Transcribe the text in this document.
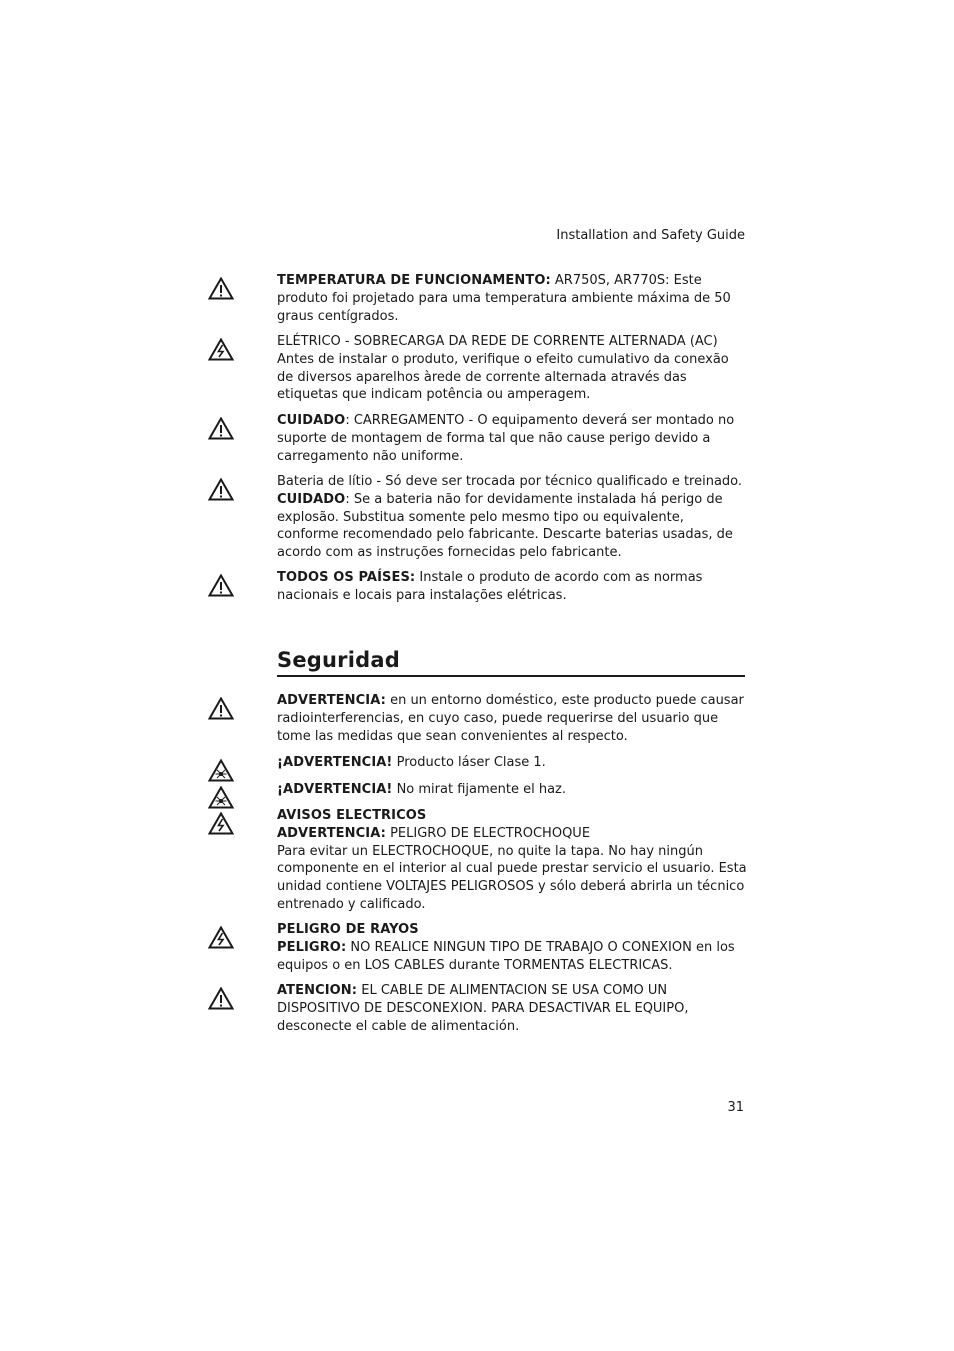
Installation and Safety Guide

TEMPERATURA DE FUNCIONAMENTO: AR750S, AR770S: Este produto foi projetado para uma temperatura ambiente máxima de 50 graus centígrados.

ELÉTRICO - SOBRECARGA DA REDE DE CORRENTE ALTERNADA (AC)

Antes de instalar o produto, verifique o efeito cumulativo da conexão de diversos aparelhos àrede de corrente alternada através das etiquetas que indicam potência ou amperagem.

CUIDADO: CARREGAMENTO - O equipamento deverá ser montado no suporte de montagem de forma tal que não cause perigo devido a carregamento não uniforme.

Bateria de lítio - Só deve ser trocada por técnico qualificado e treinado.

CUIDADO: Se a bateria não for devidamente instalada há perigo de explosão. Substitua somente pelo mesmo tipo ou equivalente, conforme recomendado pelo fabricante. Descarte baterias usadas, de acordo com as instruções fornecidas pelo fabricante.

TODOS OS PAÍSES: Instale o produto de acordo com as normas nacionais e locais para instalações elétricas.

Seguridad

ADVERTENCIA: en un entorno doméstico, este producto puede causar radiointerferencias, en cuyo caso, puede requerirse del usuario que tome las medidas que sean convenientes al respecto.

¡ADVERTENCIA! Producto láser Clase 1.

¡ADVERTENCIA! No mirat fijamente el haz.

AVISOS ELECTRICOS

ADVERTENCIA: PELIGRO DE ELECTROCHOQUE

Para evitar un ELECTROCHOQUE, no quite la tapa. No hay ningún componente en el interior al cual puede prestar servicio el usuario. Esta unidad contiene VOLTAJES PELIGROSOS y sólo deberá abrirla un técnico entrenado y calificado.

PELIGRO DE RAYOS

PELIGRO: NO REALICE NINGUN TIPO DE TRABAJO O CONEXION en los equipos o en LOS CABLES durante TORMENTAS ELECTRICAS.

ATENCION: EL CABLE DE ALIMENTACION SE USA COMO UN DISPOSITIVO DE DESCONEXION. PARA DESACTIVAR EL EQUIPO, desconecte el cable de alimentación.

31
